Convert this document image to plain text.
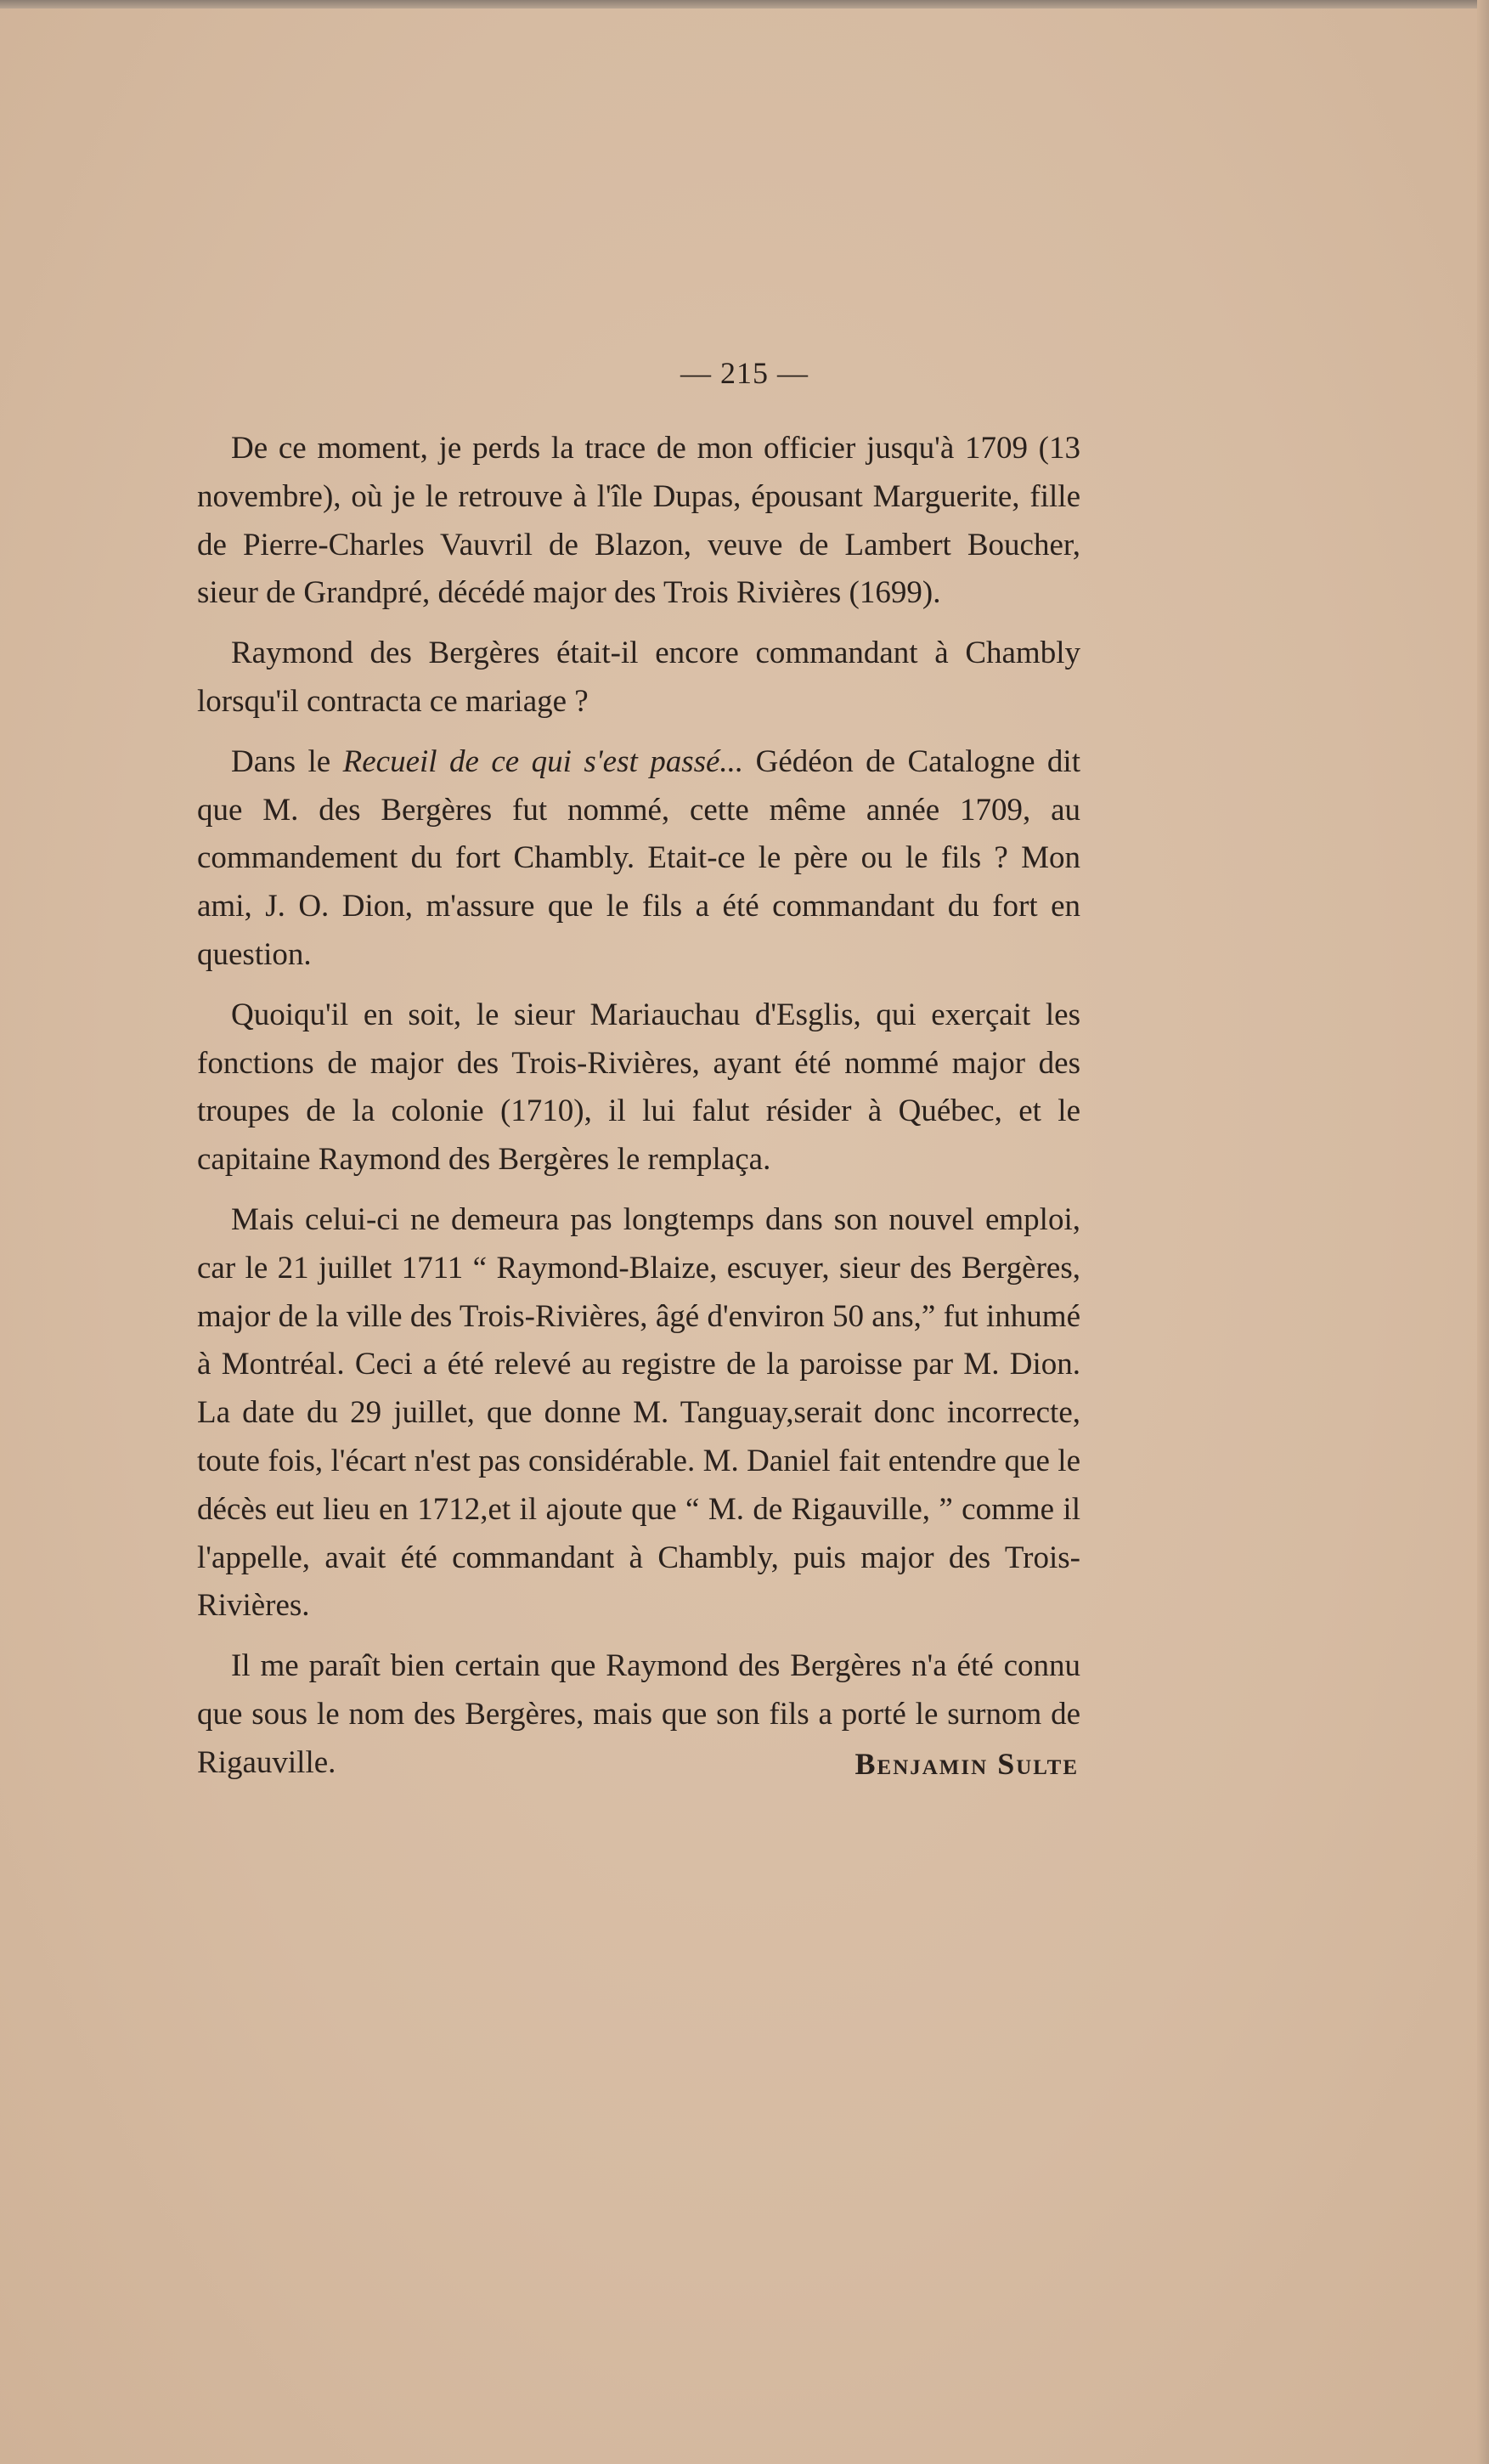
— 215 —

De ce moment, je perds la trace de mon officier jusqu'à 1709 (13 novembre), où je le retrouve à l'île Dupas, épousant Marguerite, fille de Pierre-Charles Vauvril de Blazon, veuve de Lambert Boucher, sieur de Grandpré, décédé major des Trois Rivières (1699).

Raymond des Bergères était-il encore commandant à Chambly lorsqu'il contracta ce mariage ?

Dans le Recueil de ce qui s'est passé... Gédéon de Catalogne dit que M. des Bergères fut nommé, cette même année 1709, au commandement du fort Chambly. Etait-ce le père ou le fils ? Mon ami, J. O. Dion, m'assure que le fils a été commandant du fort en question.

Quoiqu'il en soit, le sieur Mariauchau d'Esglis, qui exerçait les fonctions de major des Trois-Rivières, ayant été nommé major des troupes de la colonie (1710), il lui falut résider à Québec, et le capitaine Raymond des Bergères le remplaça.

Mais celui-ci ne demeura pas longtemps dans son nouvel emploi, car le 21 juillet 1711 “ Raymond-Blaize, escuyer, sieur des Bergères, major de la ville des Trois-Rivières, âgé d'environ 50 ans,” fut inhumé à Montréal. Ceci a été relevé au registre de la paroisse par M. Dion. La date du 29 juillet, que donne M. Tanguay,serait donc incorrecte, toute fois, l'écart n'est pas considérable. M. Daniel fait entendre que le décès eut lieu en 1712,et il ajoute que “ M. de Rigauville, ” comme il l'appelle, avait été commandant à Chambly, puis major des Trois-Rivières.

Il me paraît bien certain que Raymond des Bergères n'a été connu que sous le nom des Bergères, mais que son fils a porté le surnom de Rigauville.	Benjamin Sulte
